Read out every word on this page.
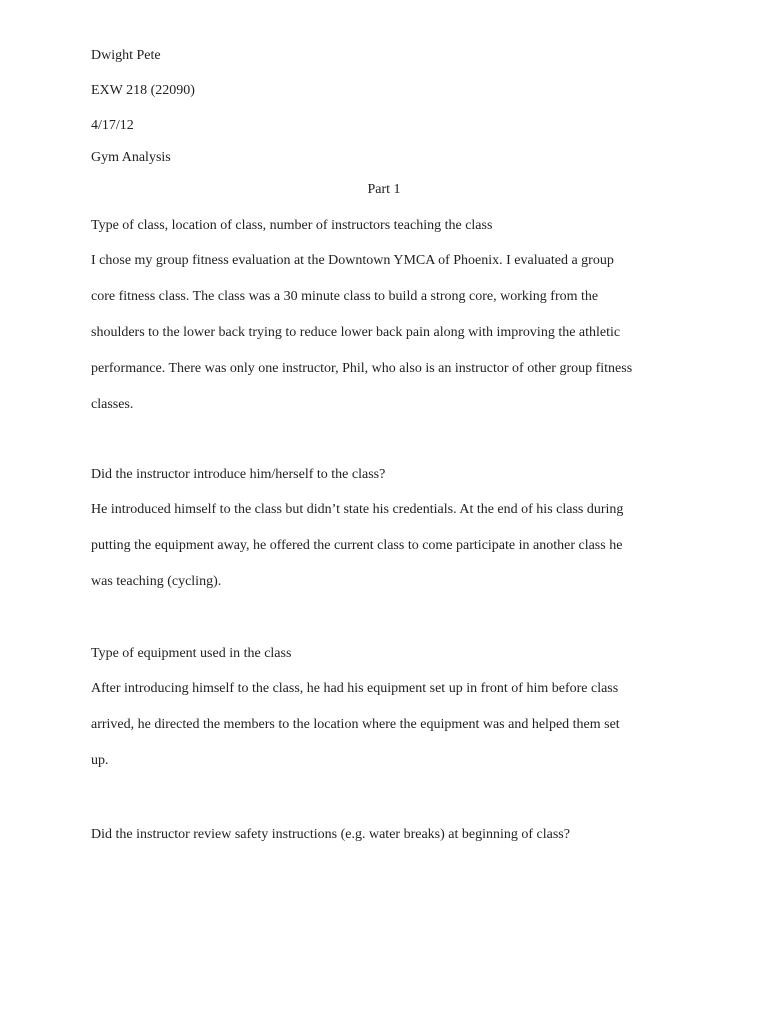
Dwight Pete
EXW 218 (22090)
4/17/12
Gym Analysis
Part 1
Type of class, location of class, number of instructors teaching the class
I chose my group fitness evaluation at the Downtown YMCA of Phoenix. I evaluated a group
core fitness class. The class was a 30 minute class to build a strong core, working from the
shoulders to the lower back trying to reduce lower back pain along with improving the athletic
performance. There was only one instructor, Phil, who also is an instructor of other group fitness
classes.
Did the instructor introduce him/herself to the class?
He introduced himself to the class but didn’t state his credentials. At the end of his class during
putting the equipment away, he offered the current class to come participate in another class he
was teaching (cycling).
Type of equipment used in the class
After introducing himself to the class, he had his equipment set up in front of him before class
arrived, he directed the members to the location where the equipment was and helped them set
up.
Did the instructor review safety instructions (e.g. water breaks) at beginning of class?
